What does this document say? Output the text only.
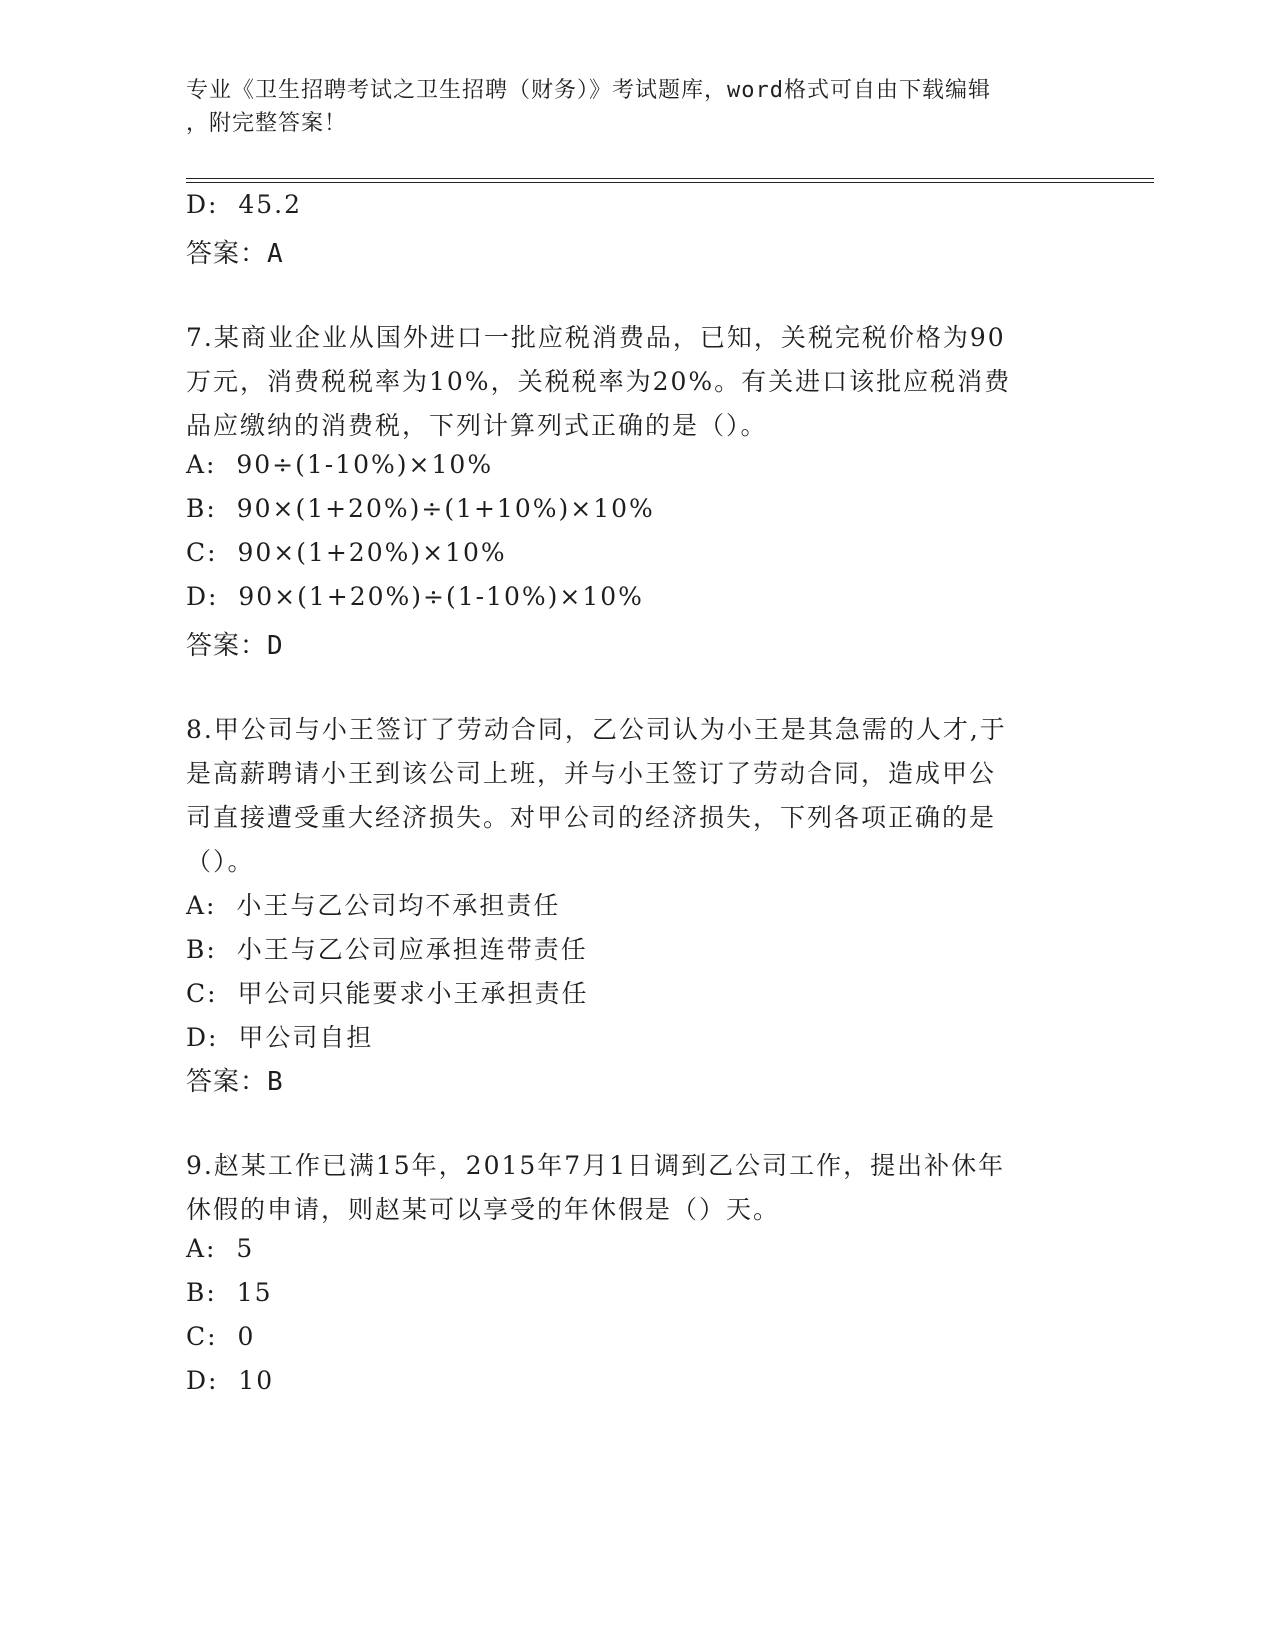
专业《卫生招聘考试之卫生招聘（财务）》考试题库，word格式可自由下载编辑
，附完整答案！
D:  45.2
答案：A
7.某商业企业从国外进口一批应税消费品，已知，关税完税价格为90
万元，消费税税率为10%，关税税率为20%。有关进口该批应税消费
品应缴纳的消费税，下列计算列式正确的是（）。
A:  90÷(1-10%)×10%
B:  90×(1+20%)÷(1+10%)×10%
C:  90×(1+20%)×10%
D:  90×(1+20%)÷(1-10%)×10%
答案：D
8.甲公司与小王签订了劳动合同，乙公司认为小王是其急需的人才,于
是高薪聘请小王到该公司上班，并与小王签订了劳动合同，造成甲公
司直接遭受重大经济损失。对甲公司的经济损失，下列各项正确的是
（）。
A:  小王与乙公司均不承担责任
B:  小王与乙公司应承担连带责任
C:  甲公司只能要求小王承担责任
D:  甲公司自担
答案：B
9.赵某工作已满15年，2015年7月1日调到乙公司工作，提出补休年
休假的申请，则赵某可以享受的年休假是（）天。
A:  5
B:  15
C:  0
D:  10
